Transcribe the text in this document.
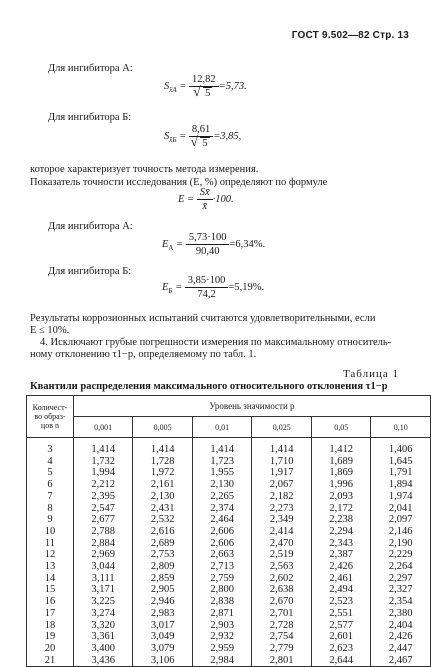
ГОСТ 9.502—82 Стр. 13
Для ингибитора А:
$S_{x̄A} = 12,82$
√ 5 =5,73.
Для ингибитора Б:
$S_{x̄Б} = 8,61$
√ 5 =3,85,
которое характеризует точность метода измерения.
Показатель точности исследования (E, %) определяют по формуле
$E = \frac{Sx̄}{x̄} \cdot 100$.
Для ингибитора А:
$E_А = \frac{5,73\cdot 100}{90,40} =6,34\%$.
Для ингибитора Б:
$E_Б = \frac{3,85\cdot 100}{74,2} =5,19\%$.
Результаты коррозионных испытаний считаются удовлетворительными, если
E ≤ 10%.
4. Исключают грубые погрешности измерения по максимальному относитель-
ному отклонению τ1−p, определяемому по табл. 1.
Таблица 1
Квантили распределения максимального относительного отклонения τ1−p
Количест-во образ-цов n	Уровень значимости p					
	0,001	0,005	0,01	0,025	0,05	0,10
3	1,414	1,414	1,414	1,414	1,412	1,406
4	1,732	1,728	1,723	1,710	1,689	1,645
5	1,994	1,972	1,955	1,917	1,869	1,791
6	2,212	2,161	2,130	2,067	1,996	1,894
7	2,395	2,130	2,265	2,182	2,093	1,974
8	2,547	2,431	2,374	2,273	2,172	2,041
9	2,677	2,532	2,464	2,349	2,238	2,097
10	2,788	2,616	2,606	2,414	2,294	2,146
11	2,884	2,689	2,606	2,470	2,343	2,190
12	2,969	2,753	2,663	2,519	2,387	2,229
13	3,044	2,809	2,713	2,563	2,426	2,264
14	3,111	2,859	2,759	2,602	2,461	2,297
15	3,171	2,905	2,800	2,638	2,494	2,327
16	3,225	2,946	2,838	2,670	2,523	2,354
17	3,274	2,983	2,871	2,701	2,551	2,380
18	3,320	3,017	2,903	2,728	2,577	2,404
19	3,361	3,049	2,932	2,754	2,601	2,426
20	3,400	3,079	2,959	2,779	2,623	2,447
21	3,436	3,106	2,984	2,801	2,644	2,467
